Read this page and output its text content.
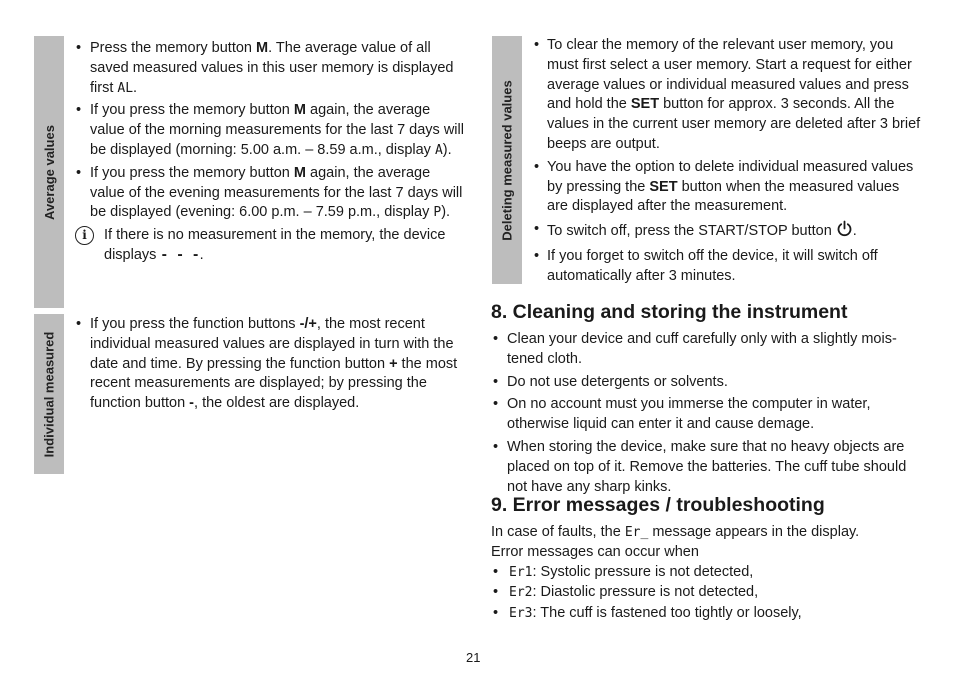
Average values
Individual measured
Deleting measured values
• Press the memory button M. The average value of all saved measured values in this user memory is displayed first AL.
• If you press the memory button M again, the average value of the morning measurements for the last 7 days will be displayed (morning: 5.00 a.m. – 8.59 a.m., display A).
• If you press the memory button M again, the average value of the evening measurements for the last 7 days will be displayed (evening: 6.00 p.m. – 7.59 p.m., display P).
i	If there is no measurement in the memory, the device displays - - -.
• If you press the function buttons -/+, the most recent individual measured values are displayed in turn with the date and time. By pressing the function button + the most recent measurements are displayed; by pressing the function button -, the oldest are displayed.
• To clear the memory of the relevant user memory, you must first select a user memory. Start a request for either average values or individual measured values and press and hold the SET button for approx. 3 seconds. All the values in the current user memory are deleted after 3 brief beeps are output.
• You have the option to delete individual measured values by pressing the SET button when the measured values are displayed after the measurement.
• To switch off, press the START/STOP button .
• If you forget to switch off the device, it will switch off automatically after 3 minutes.
8. Cleaning and storing the instrument
• Clean your device and cuff carefully only with a slightly moistened cloth.
• Do not use detergents or solvents.
• On no account must you immerse the computer in water, otherwise liquid can enter it and cause demage.
• When storing the device, make sure that no heavy objects are placed on top of it. Remove the batteries. The cuff tube should not have any sharp kinks.
9. Error messages / troubleshooting
In case of faults, the Er_ message appears in the display.
Error messages can occur when
• Er1: Systolic pressure is not detected,
• Er2: Diastolic pressure is not detected,
• Er3: The cuff is fastened too tightly or loosely,
21
